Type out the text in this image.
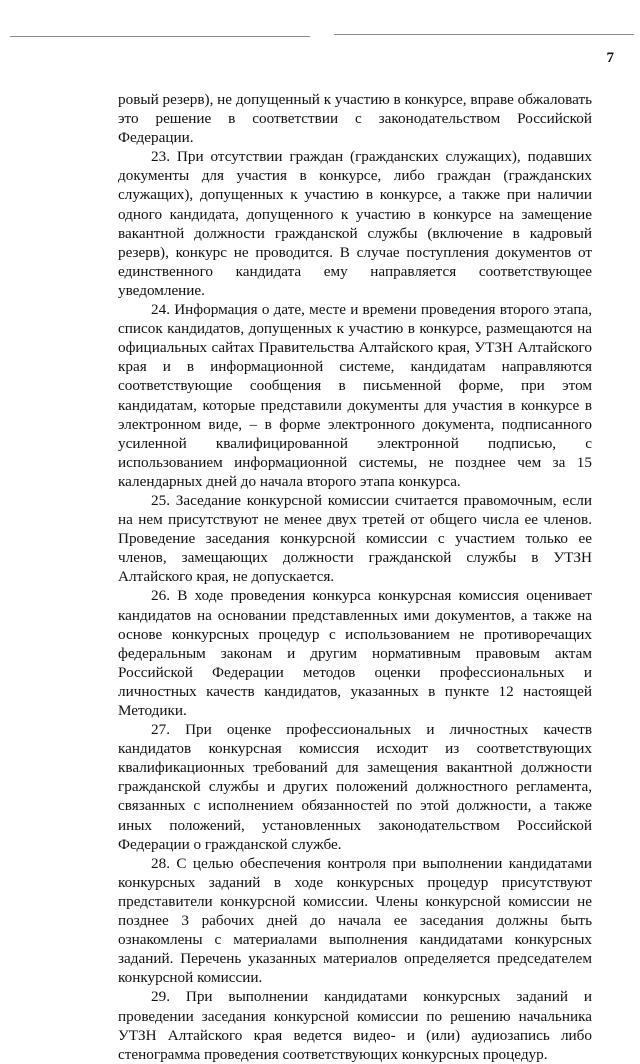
7

ровый резерв), не допущенный к участию в конкурсе, вправе обжаловать это решение в соответствии с законодательством Российской Федерации.

23. При отсутствии граждан (гражданских служащих), подавших документы для участия в конкурсе, либо граждан (гражданских служащих), допущенных к участию в конкурсе, а также при наличии одного кандидата, допущенного к участию в конкурсе на замещение вакантной должности гражданской службы (включение в кадровый резерв), конкурс не проводится. В случае поступления документов от единственного кандидата ему направляется соответствующее уведомление.

24. Информация о дате, месте и времени проведения второго этапа, список кандидатов, допущенных к участию в конкурсе, размещаются на официальных сайтах Правительства Алтайского края, УТЗН Алтайского края и в информационной системе, кандидатам направляются соответствующие сообщения в письменной форме, при этом кандидатам, которые представили документы для участия в конкурсе в электронном виде, – в форме электронного документа, подписанного усиленной квалифицированной электронной подписью, с использованием информационной системы, не позднее чем за 15 календарных дней до начала второго этапа конкурса.

25. Заседание конкурсной комиссии считается правомочным, если на нем присутствуют не менее двух третей от общего числа ее членов. Проведение заседания конкурсной комиссии с участием только ее членов, замещающих должности гражданской службы в УТЗН Алтайского края, не допускается.

26. В ходе проведения конкурса конкурсная комиссия оценивает кандидатов на основании представленных ими документов, а также на основе конкурсных процедур с использованием не противоречащих федеральным законам и другим нормативным правовым актам Российской Федерации методов оценки профессиональных и личностных качеств кандидатов, указанных в пункте 12 настоящей Методики.

27. При оценке профессиональных и личностных качеств кандидатов конкурсная комиссия исходит из соответствующих квалификационных требований для замещения вакантной должности гражданской службы и других положений должностного регламента, связанных с исполнением обязанностей по этой должности, а также иных положений, установленных законодательством Российской Федерации о гражданской службе.

28. С целью обеспечения контроля при выполнении кандидатами конкурсных заданий в ходе конкурсных процедур присутствуют представители конкурсной комиссии. Члены конкурсной комиссии не позднее 3 рабочих дней до начала ее заседания должны быть ознакомлены с материалами выполнения кандидатами конкурсных заданий. Перечень указанных материалов определяется председателем конкурсной комиссии.

29. При выполнении кандидатами конкурсных заданий и проведении заседания конкурсной комиссии по решению начальника УТЗН Алтайского края ведется видео- и (или) аудиозапись либо стенограмма проведения соответствующих конкурсных процедур.
